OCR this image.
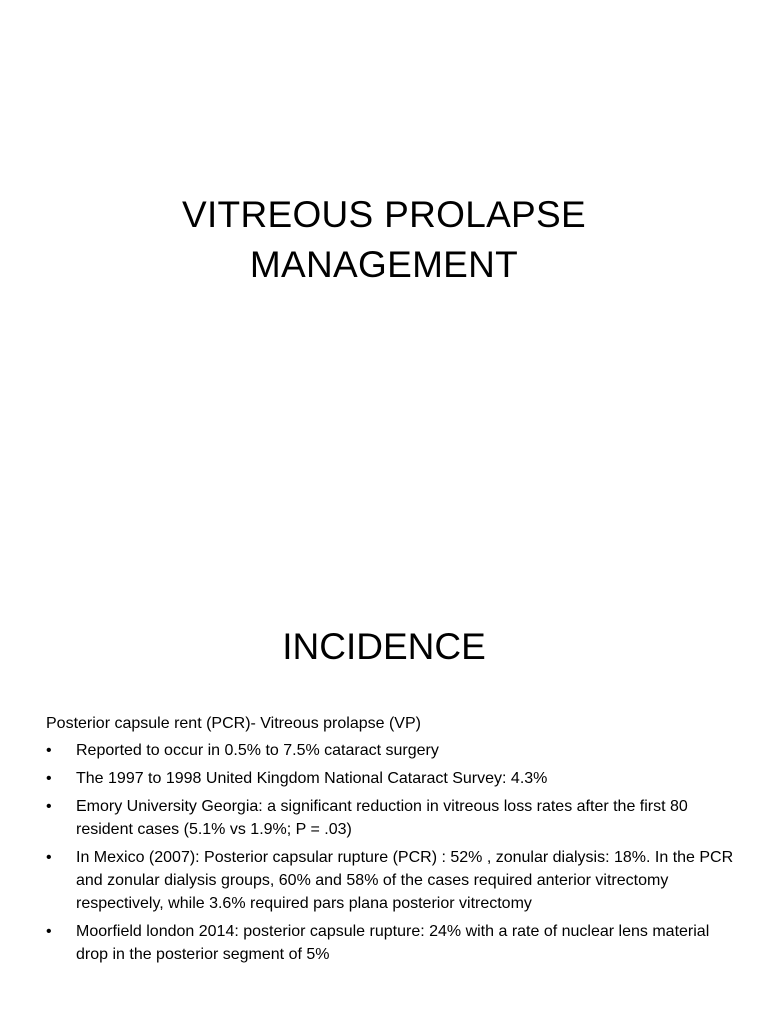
VITREOUS PROLAPSE
MANAGEMENT
INCIDENCE
Posterior capsule rent (PCR)- Vitreous prolapse (VP)
•	Reported to occur in 0.5% to 7.5% cataract surgery
•	The 1997 to 1998 United Kingdom National Cataract Survey: 4.3%
•	Emory University Georgia: a significant reduction in vitreous loss rates after the first 80 resident cases (5.1% vs 1.9%; P = .03)
•	In Mexico (2007): Posterior capsular rupture (PCR) : 52% , zonular dialysis: 18%. In the PCR and zonular dialysis groups, 60% and 58% of the cases required anterior vitrectomy respectively, while 3.6% required pars plana posterior vitrectomy
•	Moorfield london 2014: posterior capsule rupture: 24% with a rate of nuclear lens material drop in the posterior segment of 5%
